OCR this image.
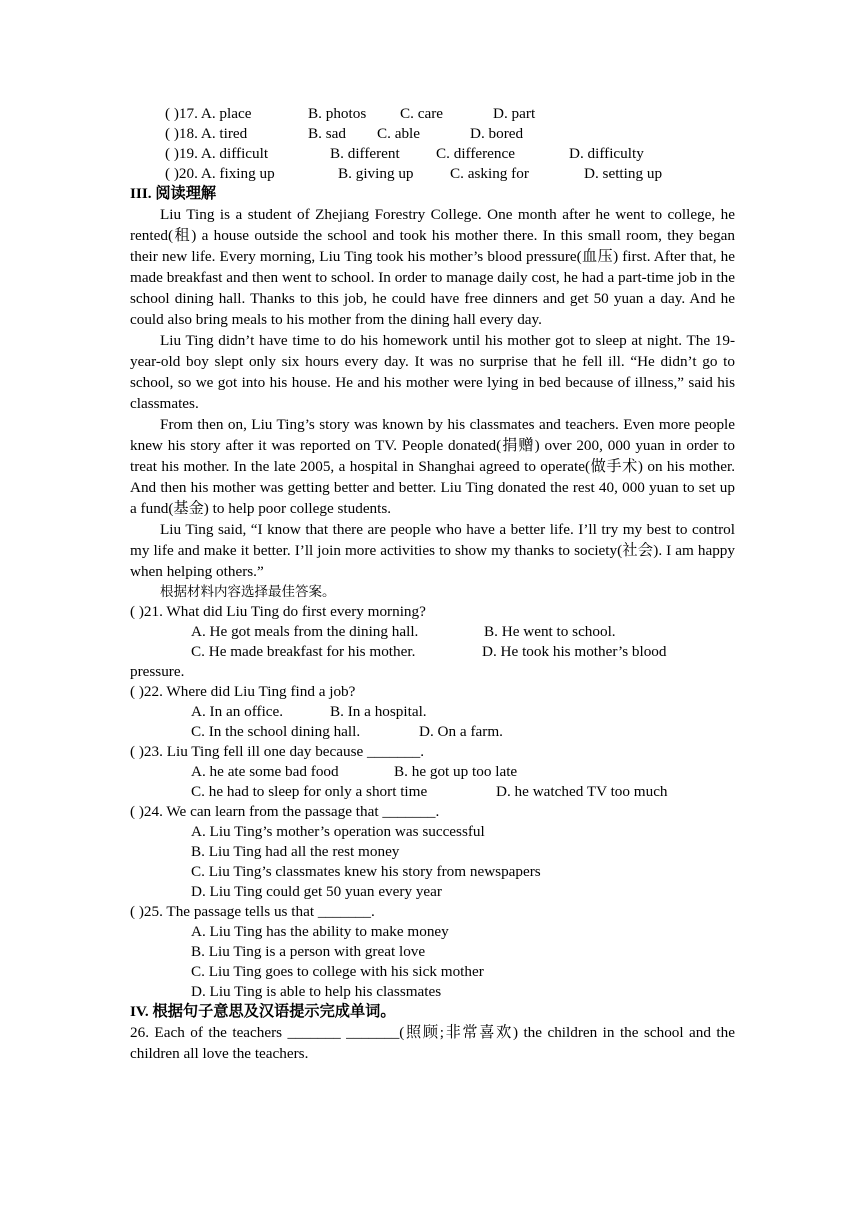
( )17. A. place	B. photos C. care	D. part
( )18. A. tired	B. sad C. able	D. bored
( )19. A. difficult	B. different C. difference	D. difficulty
( )20. A. fixing up	B. giving up C. asking for	D. setting up
III. 阅读理解
Liu Ting is a student of Zhejiang Forestry College. One month after he went to college, he rented(租) a house outside the school and took his mother there. In this small room, they began their new life. Every morning, Liu Ting took his mother’s blood pressure(血压) first. After that, he made breakfast and then went to school. In order to manage daily cost, he had a part-time job in the school dining hall. Thanks to this job, he could have free dinners and get 50 yuan a day. And he could also bring meals to his mother from the dining hall every day.
Liu Ting didn’t have time to do his homework until his mother got to sleep at night. The 19-year-old boy slept only six hours every day. It was no surprise that he fell ill. “He didn’t go to school, so we got into his house. He and his mother were lying in bed because of illness,” said his classmates.
From then on, Liu Ting’s story was known by his classmates and teachers. Even more people knew his story after it was reported on TV. People donated(捐赠) over 200, 000 yuan in order to treat his mother. In the late 2005, a hospital in Shanghai agreed to operate(做手术) on his mother. And then his mother was getting better and better. Liu Ting donated the rest 40, 000 yuan to set up a fund(基金) to help poor college students.
Liu Ting said, “I know that there are people who have a better life. I’ll try my best to control my life and make it better. I’ll join more activities to show my thanks to society(社会). I am happy when helping others.”
根据材料内容选择最佳答案。
( )21. What did Liu Ting do first every morning?
A. He got meals from the dining hall.	B. He went to school.
C. He made breakfast for his mother.	D. He took his mother’s blood
pressure.
( )22. Where did Liu Ting find a job?
A. In an office.	B. In a hospital.
C. In the school dining hall.	D. On a farm.
( )23. Liu Ting fell ill one day because _______.
A. he ate some bad food	B. he got up too late
C. he had to sleep for only a short time	D. he watched TV too much
( )24. We can learn from the passage that _______.
A. Liu Ting’s mother’s operation was successful
B. Liu Ting had all the rest money
C. Liu Ting’s classmates knew his story from newspapers
D. Liu Ting could get 50 yuan every year
( )25. The passage tells us that _______.
A. Liu Ting has the ability to make money
B. Liu Ting is a person with great love
C. Liu Ting goes to college with his sick mother
D. Liu Ting is able to help his classmates
IV. 根据句子意思及汉语提示完成单词。
26. Each of the teachers _______ _______(照顾;非常喜欢) the children in the school and the children all love the teachers.
